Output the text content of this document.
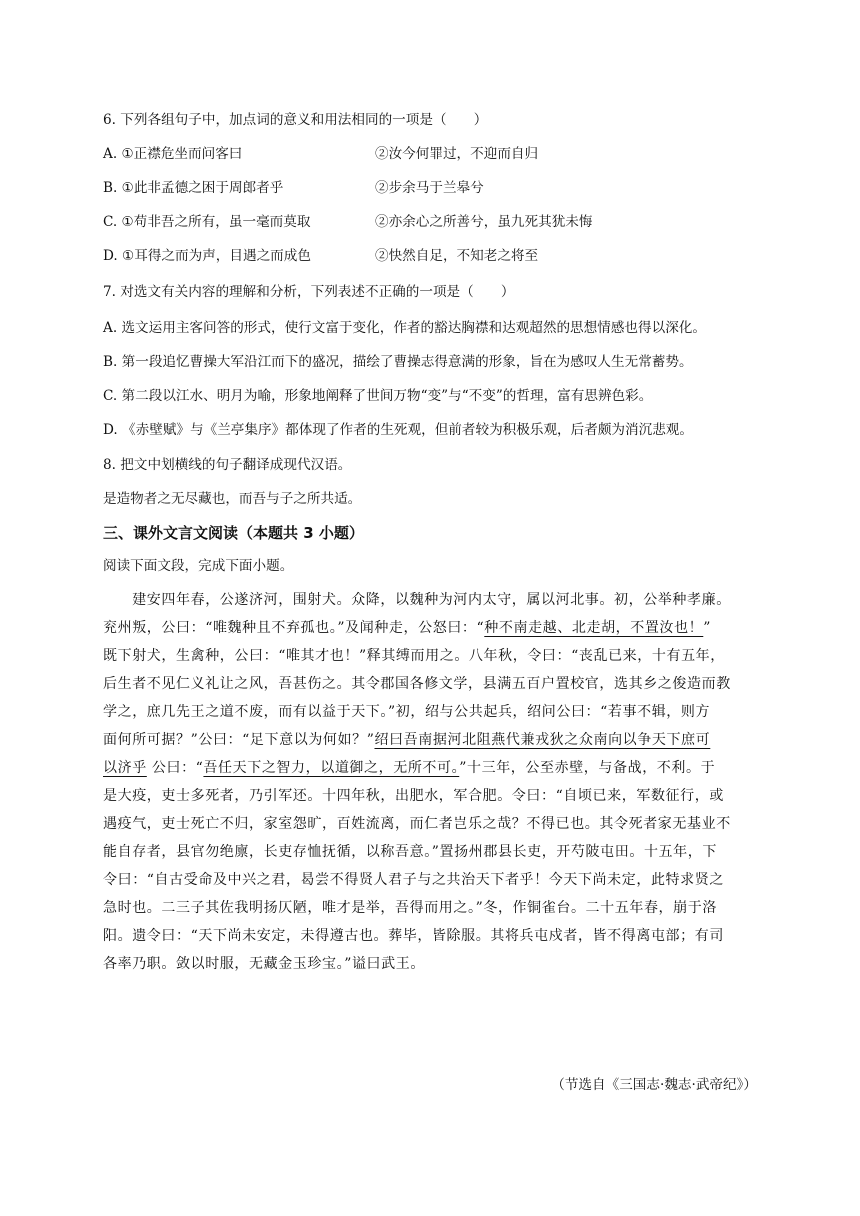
6. 下列各组句子中，加点词的意义和用法相同的一项是（　　）
A. ①正襟危坐而问客曰	②汝今何罪过，不迎而自归
B. ①此非孟德之困于周郎者乎	②步余马于兰皋兮
C. ①苟非吾之所有，虽一毫而莫取	②亦余心之所善兮，虽九死其犹未悔
D. ①耳得之而为声，目遇之而成色	②快然自足，不知老之将至
7. 对选文有关内容的理解和分析，下列表述不正确的一项是（　　）
A. 选文运用主客问答的形式，使行文富于变化，作者的豁达胸襟和达观超然的思想情感也得以深化。
B. 第一段追忆曹操大军沿江而下的盛况，描绘了曹操志得意满的形象，旨在为感叹人生无常蓄势。
C. 第二段以江水、明月为喻，形象地阐释了世间万物“变”与“不变”的哲理，富有思辨色彩。
D. 《赤壁赋》与《兰亭集序》都体现了作者的生死观，但前者较为积极乐观，后者颇为消沉悲观。
8. 把文中划横线的句子翻译成现代汉语。
是造物者之无尽藏也，而吾与子之所共适。
三、课外文言文阅读（本题共 3 小题）
阅读下面文段，完成下面小题。
　　建安四年春，公遂济河，围射犬。众降，以魏种为河内太守，属以河北事。初，公举种孝廉。
兖州叛，公曰：“唯魏种且不弃孤也。”及闻种走，公怒曰：“种不南走越、北走胡，不置汝也！”
既下射犬，生禽种，公曰：“唯其才也！”释其缚而用之。八年秋，令曰：“丧乱已来，十有五年，
后生者不见仁义礼让之风，吾甚伤之。其令郡国各修文学，县满五百户置校官，选其乡之俊造而教
学之，庶几先王之道不废，而有以益于天下。”初，绍与公共起兵，绍问公曰：“若事不辑，则方
面何所可据？”公曰：“足下意以为何如？”绍曰吾南据河北阻燕代兼戎狄之众南向以争天下庶可
以济乎 公曰：“吾任天下之智力，以道御之，无所不可。”十三年，公至赤壁，与备战，不利。于
是大疫，吏士多死者，乃引军还。十四年秋，出肥水，军合肥。令曰：“自顷已来，军数征行，或
遇疫气，吏士死亡不归，家室怨旷，百姓流离，而仁者岂乐之哉？不得已也。其令死者家无基业不
能自存者，县官勿绝廪，长吏存恤抚循，以称吾意。”置扬州郡县长吏，开芍陂屯田。十五年，下
令曰：“自古受命及中兴之君，曷尝不得贤人君子与之共治天下者乎！今天下尚未定，此特求贤之
急时也。二三子其佐我明扬仄陋，唯才是举，吾得而用之。”冬，作铜雀台。二十五年春，崩于洛
阳。遗令曰：“天下尚未安定，未得遵古也。葬毕，皆除服。其将兵屯戍者，皆不得离屯部；有司
各率乃职。敛以时服，无藏金玉珍宝。”谥曰武王。
（节选自《三国志·魏志·武帝纪》）
